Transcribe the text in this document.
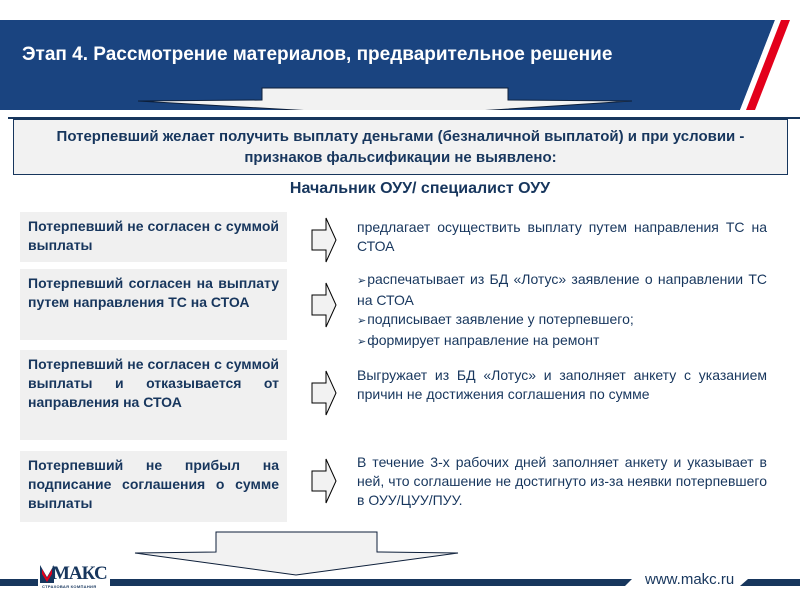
Этап 4. Рассмотрение материалов, предварительное решение
Потерпевший желает получить выплату деньгами (безналичной выплатой) и при условии - признаков фальсификации не выявлено:
Начальник ОУУ/ специалист ОУУ
Потерпевший не согласен с суммой выплаты
предлагает осуществить выплату путем направления ТС на СТОА
Потерпевший согласен на выплату путем направления ТС на СТОА
➢распечатывает из БД «Лотус» заявление о направлении ТС на СТОА
➢подписывает заявление у потерпевшего;
➢формирует направление на ремонт
Потерпевший не согласен с суммой выплаты и отказывается от направления на СТОА
Выгружает из БД «Лотус» и заполняет анкету с указанием причин не достижения соглашения по сумме
Потерпевший не прибыл на подписание соглашения о сумме выплаты
В течение 3-х рабочих дней заполняет анкету и указывает в ней, что соглашение не достигнуто из-за неявки потерпевшего в ОУУ/ЦУУ/ПУУ.
МАКС
СТРАХОВАЯ КОМПАНИЯ	www.makc.ru
